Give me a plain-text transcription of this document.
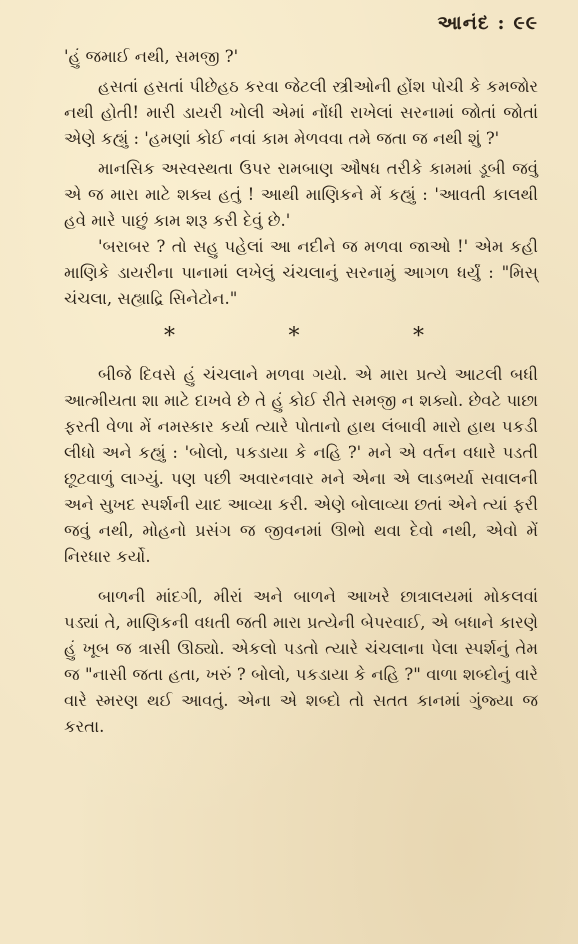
આનંદ : ૯૯

'હું જમાઈ નથી, સમજી ?'

હસતાં હસતાં પીછેહઠ કરવા જેટલી સ્ત્રીઓની હોંશ પોચી કે કમજોર નથી હોતી! મારી ડાયરી ખોલી એમાં નોંધી રાખેલાં સરનામાં જોતાં જોતાં એણે કહ્યું : 'હમણાં કોઈ નવાં કામ મેળવવા તમે જતા જ નથી શું ?'

માનસિક અસ્વસ્થતા ઉપર રામબાણ ઔષધ તરીકે કામમાં ડૂબી જવું એ જ મારા માટે શક્ય હતું ! આથી માણિકને મેં કહ્યું : 'આવતી કાલથી હવે મારે પાછું કામ શરૂ કરી દેવું છે.'

'બરાબર ? તો સહુ પહેલાં આ નદીને જ મળવા જાઓ !' એમ કહી માણિકે ડાયરીના પાનામાં લખેલું ચંચલાનું સરનામું આગળ ધર્યું : "મિસ્ ચંચલા, સહ્યાદ્રિ સિનેટોન."

*	*	*

બીજે દિવસે હું ચંચલાને મળવા ગયો. એ મારા પ્રત્યે આટલી બધી આત્મીયતા શા માટે દાખવે છે તે હું કોઈ રીતે સમજી ન શક્યો. છેવટે પાછા ફરતી વેળા મેં નમસ્કાર કર્યા ત્યારે પોતાનો હાથ લંબાવી મારો હાથ પકડી લીધો અને કહ્યું : 'બોલો, પકડાયા કે નહિ ?' મને એ વર્તન વધારે પડતી છૂટવાળું લાગ્યું. પણ પછી અવારનવાર મને એના એ લાડભર્યા સવાલની અને સુખદ સ્પર્શની યાદ આવ્યા કરી. એણે બોલાવ્યા છતાં એને ત્યાં ફરી જવું નથી, મોહનો પ્રસંગ જ જીવનમાં ઊભો થવા દેવો નથી, એવો મેં નિરધાર કર્યો.

બાળની માંદગી, મીરાં અને બાળને આખરે છાત્રાલયમાં મોકલવાં પડ્યાં તે, માણિકની વધતી જતી મારા પ્રત્યેની બેપરવાઈ, એ બધાને કારણે હું ખૂબ જ ત્રાસી ઊઠ્યો. એકલો પડતો ત્યારે ચંચલાના પેલા સ્પર્શનું તેમ જ "નાસી જતા હતા, ખરું ? બોલો, પકડાયા કે નહિ ?" વાળા શબ્દોનું વારે વારે સ્મરણ થઈ આવતું. એના એ શબ્દો તો સતત કાનમાં ગુંજ્યા જ કરતા.
